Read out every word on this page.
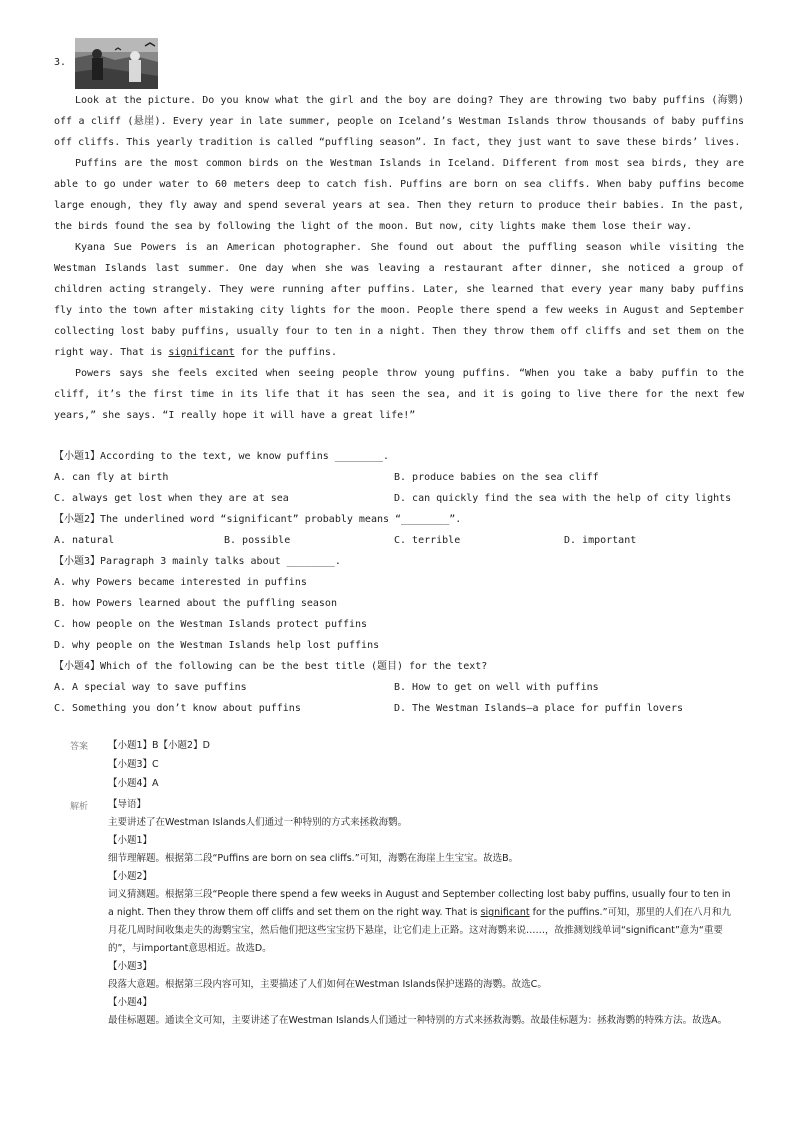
3.

Look at the picture. Do you know what the girl and the boy are doing? They are throwing two baby puffins (海鹦) off a cliff (悬崖). Every year in late summer, people on Iceland’s Westman Islands throw thousands of baby puffins off cliffs. This yearly tradition is called “puffling season”. In fact, they just want to save these birds’ lives.

Puffins are the most common birds on the Westman Islands in Iceland. Different from most sea birds, they are able to go under water to 60 meters deep to catch fish. Puffins are born on sea cliffs. When baby puffins become large enough, they fly away and spend several years at sea. Then they return to produce their babies. In the past, the birds found the sea by following the light of the moon. But now, city lights make them lose their way.

Kyana Sue Powers is an American photographer. She found out about the puffling season while visiting the Westman Islands last summer. One day when she was leaving a restaurant after dinner, she noticed a group of children acting strangely. They were running after puffins. Later, she learned that every year many baby puffins fly into the town after mistaking city lights for the moon. People there spend a few weeks in August and September collecting lost baby puffins, usually four to ten in a night. Then they throw them off cliffs and set them on the right way. That is significant for the puffins.

Powers says she feels excited when seeing people throw young puffins. “When you take a baby puffin to the cliff, it’s the first time in its life that it has seen the sea, and it is going to live there for the next few years,” she says. “I really hope it will have a great life!”

【小题1】According to the text, we know puffins ________.

A. can fly at birth	B. produce babies on the sea cliff

C. always get lost when they are at sea	D. can quickly find the sea with the help of city lights

【小题2】The underlined word “significant” probably means “________”.

A. natural	B. possible	C. terrible	D. important

【小题3】Paragraph 3 mainly talks about ________.

A. why Powers became interested in puffins

B. how Powers learned about the puffling season

C. how people on the Westman Islands protect puffins

D. why people on the Westman Islands help lost puffins

【小题4】Which of the following can be the best title (题目) for the text?

A. A special way to save puffins	B. How to get on well with puffins

C. Something you don’t know about puffins	D. The Westman Islands—a place for puffin lovers

答案 【小题1】B【小题2】D
【小题3】C
【小题4】A
解析 【导语】

主要讲述了在Westman Islands人们通过一种特别的方式来拯救海鹦。

【小题1】

细节理解题。根据第二段“Puffins are born on sea cliffs.”可知，海鹦在海崖上生宝宝。故选B。

【小题2】

词义猜测题。根据第三段“People there spend a few weeks in August and September collecting lost baby puffins, usually four to ten in a night. Then they throw them off cliffs and set them on the right way. That is significant for the puffins.”可知，那里的人们在八月和九月花几周时间收集走失的海鹦宝宝，然后他们把这些宝宝扔下悬崖，让它们走上正路。这对海鹦来说……，故推测划线单词“significant”意为“重要的”，与important意思相近。故选D。

【小题3】

段落大意题。根据第三段内容可知，主要描述了人们如何在Westman Islands保护迷路的海鹦。故选C。

【小题4】

最佳标题题。通读全文可知，主要讲述了在Westman Islands人们通过一种特别的方式来拯救海鹦。故最佳标题为：拯救海鹦的特殊方法。故选A。
